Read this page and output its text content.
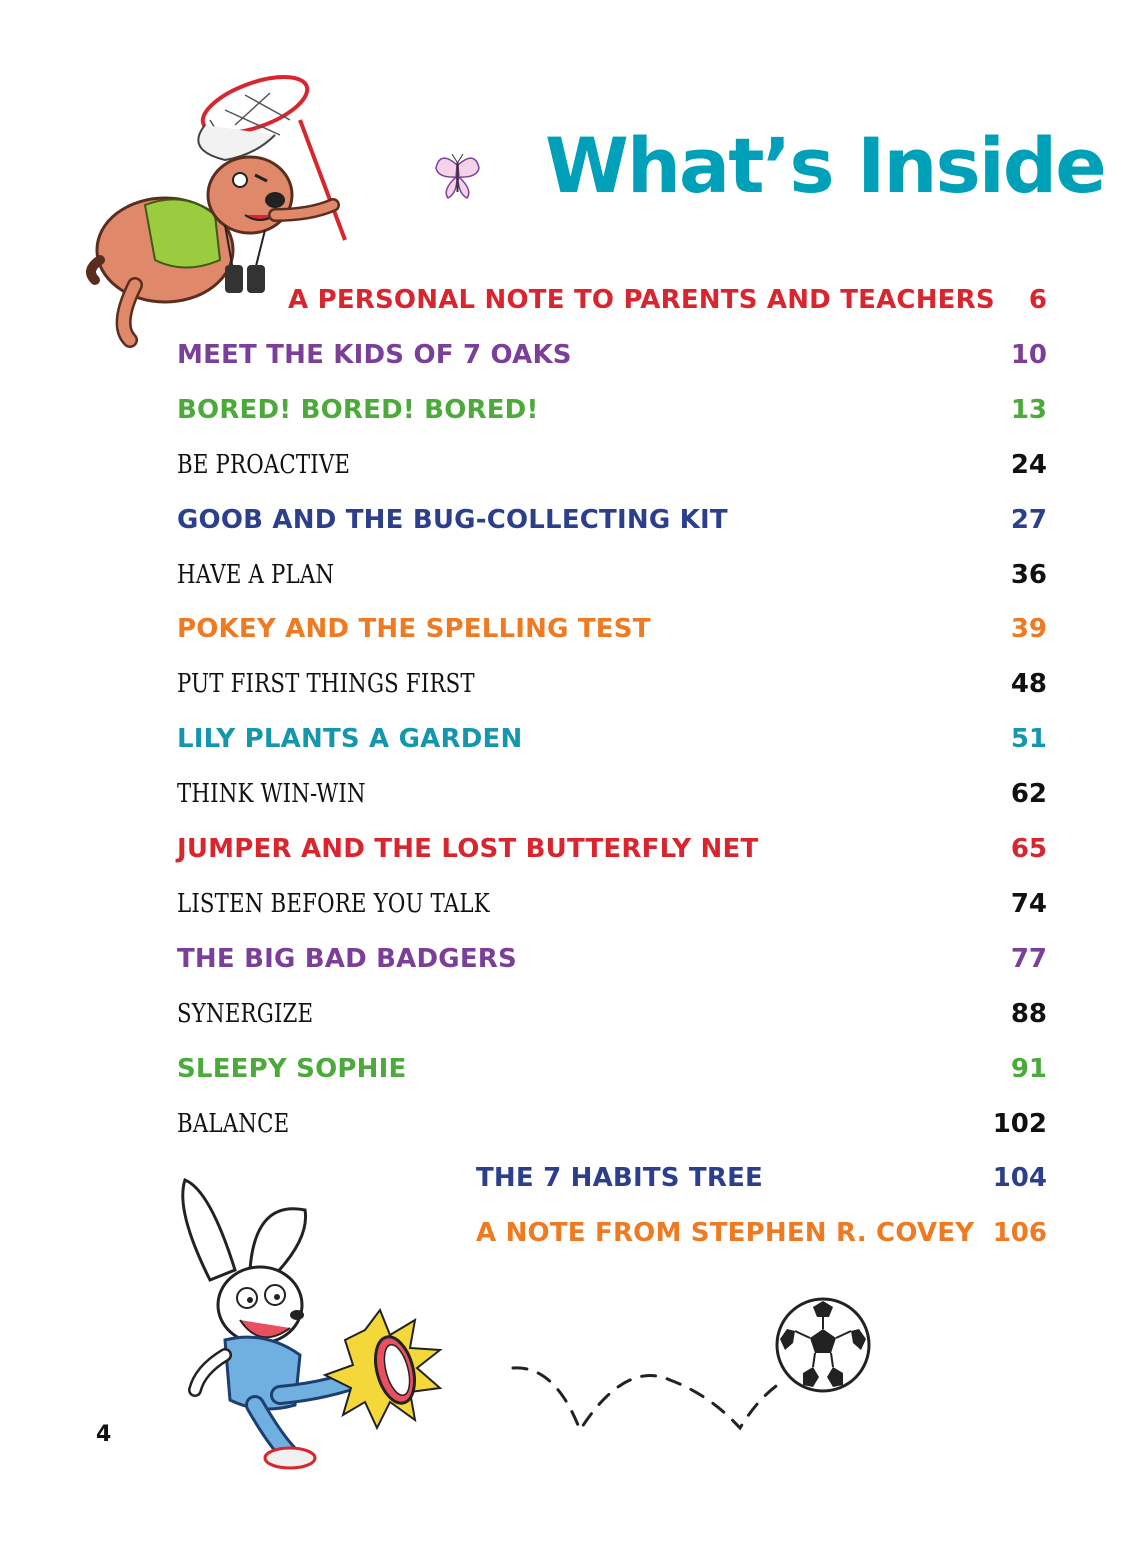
What’s Inside
A PERSONAL NOTE TO PARENTS AND TEACHERS	6
MEET THE KIDS OF 7 OAKS	10
BORED! BORED! BORED!	13
BE PROACTIVE	24
GOOB AND THE BUG-COLLECTING KIT	27
HAVE A PLAN	36
POKEY AND THE SPELLING TEST	39
PUT FIRST THINGS FIRST	48
LILY PLANTS A GARDEN	51
THINK WIN-WIN	62
JUMPER AND THE LOST BUTTERFLY NET	65
LISTEN BEFORE YOU TALK	74
THE BIG BAD BADGERS	77
SYNERGIZE	88
SLEEPY SOPHIE	91
BALANCE	102
THE 7 HABITS TREE	104
A NOTE FROM STEPHEN R. COVEY 106
4
